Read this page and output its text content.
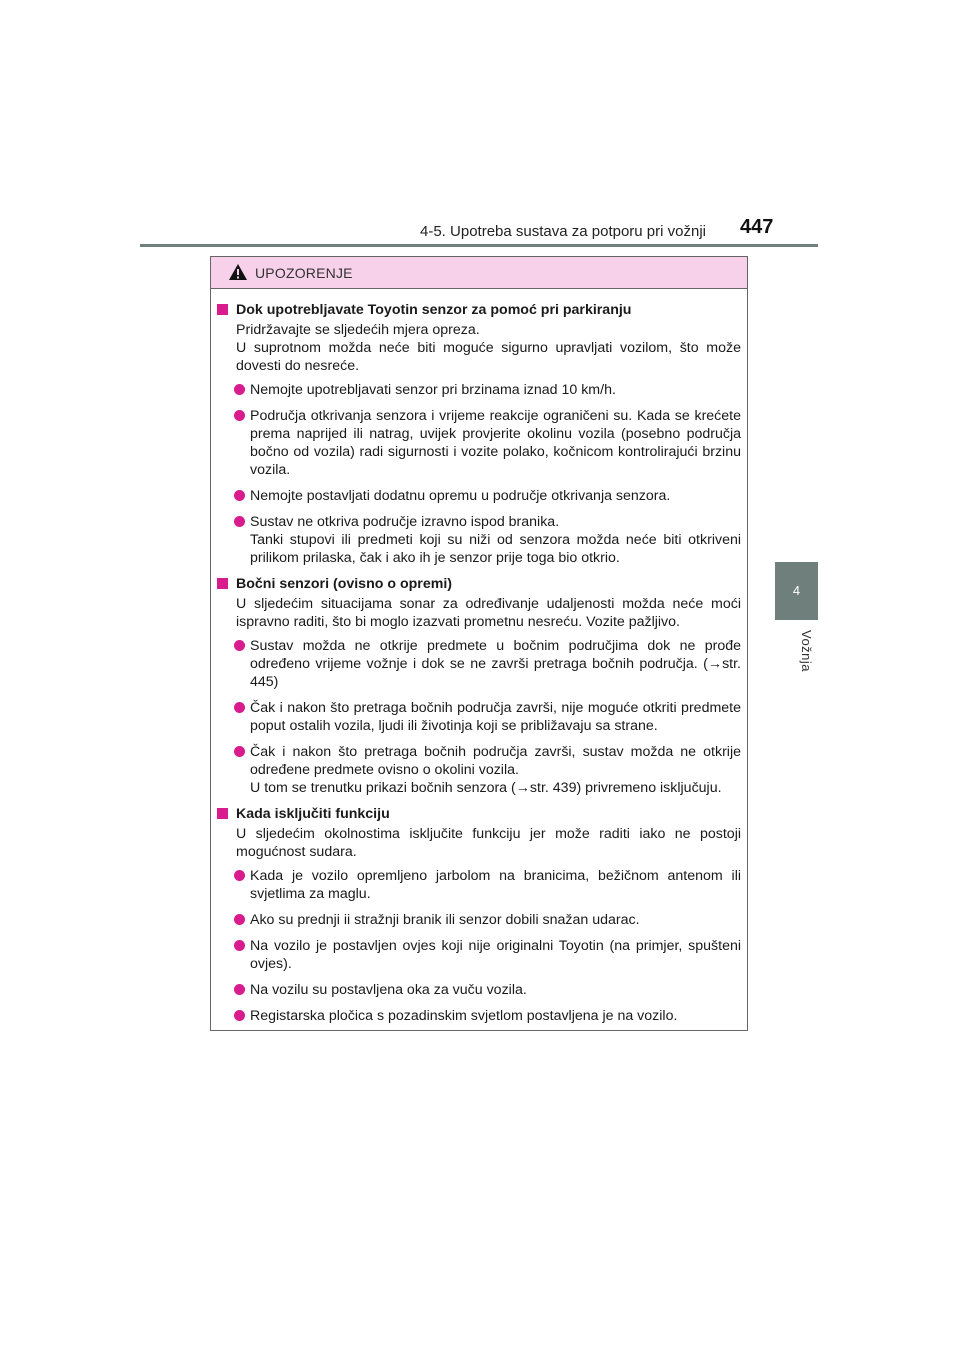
4-5. Upotreba sustava za potporu pri vožnji 447
4
Vožnja
UPOZORENJE
Dok upotrebljavate Toyotin senzor za pomoć pri parkiranju
Pridržavajte se sljedećih mjera opreza.
U suprotnom možda neće biti moguće sigurno upravljati vozilom, što može dovesti do nesreće.
Nemojte upotrebljavati senzor pri brzinama iznad 10 km/h.
Područja otkrivanja senzora i vrijeme reakcije ograničeni su. Kada se krećete prema naprijed ili natrag, uvijek provjerite okolinu vozila (posebno područja bočno od vozila) radi sigurnosti i vozite polako, kočnicom kontrolirajući brzinu vozila.
Nemojte postavljati dodatnu opremu u područje otkrivanja senzora.
Sustav ne otkriva područje izravno ispod branika.
Tanki stupovi ili predmeti koji su niži od senzora možda neće biti otkriveni prilikom prilaska, čak i ako ih je senzor prije toga bio otkrio.
Bočni senzori (ovisno o opremi)
U sljedećim situacijama sonar za određivanje udaljenosti možda neće moći ispravno raditi, što bi moglo izazvati prometnu nesreću. Vozite pažljivo.
Sustav možda ne otkrije predmete u bočnim područjima dok ne prođe određeno vrijeme vožnje i dok se ne završi pretraga bočnih područja. (→str. 445)
Čak i nakon što pretraga bočnih područja završi, nije moguće otkriti predmete poput ostalih vozila, ljudi ili životinja koji se približavaju sa strane.
Čak i nakon što pretraga bočnih područja završi, sustav možda ne otkrije određene predmete ovisno o okolini vozila.
U tom se trenutku prikazi bočnih senzora (→str. 439) privremeno isključuju.
Kada isključiti funkciju
U sljedećim okolnostima isključite funkciju jer može raditi iako ne postoji mogućnost sudara.
Kada je vozilo opremljeno jarbolom na branicima, bežičnom antenom ili svjetlima za maglu.
Ako su prednji ii stražnji branik ili senzor dobili snažan udarac.
Na vozilo je postavljen ovjes koji nije originalni Toyotin (na primjer, spušteni ovjes).
Na vozilu su postavljena oka za vuču vozila.
Registarska pločica s pozadinskim svjetlom postavljena je na vozilo.
